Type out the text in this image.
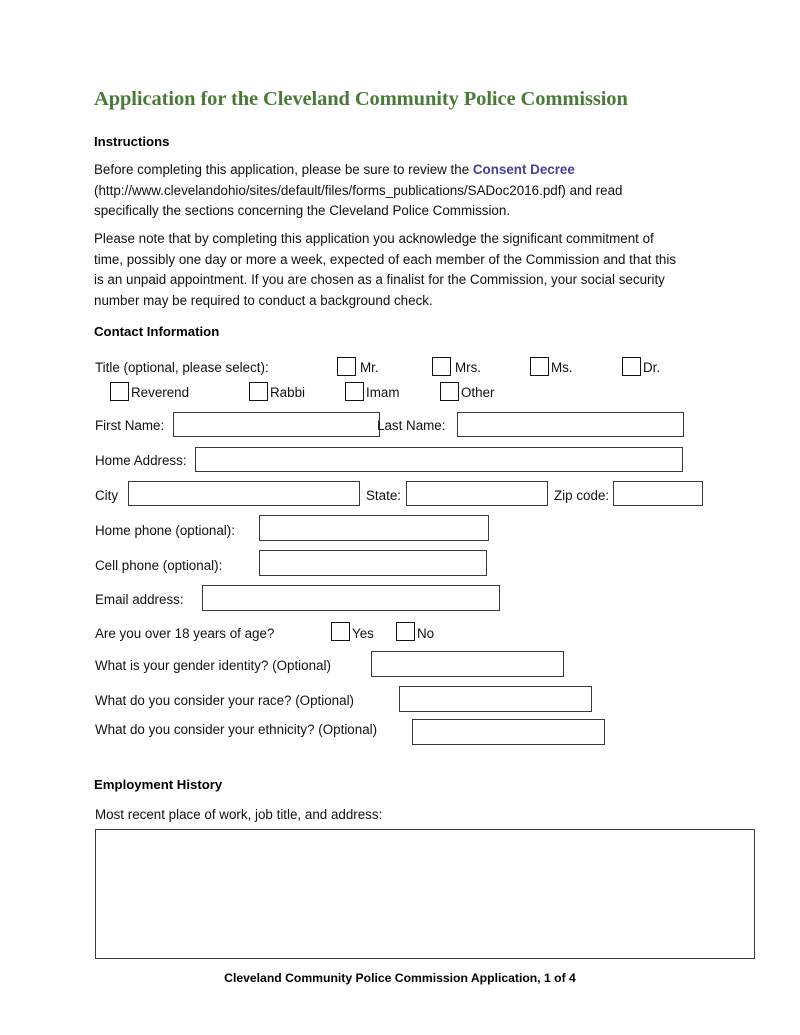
Application for the Cleveland Community Police Commission
Instructions
Before completing this application, please be sure to review the Consent Decree (http://www.clevelandohio/sites/default/files/forms_publications/SADoc2016.pdf) and read specifically the sections concerning the Cleveland Police Commission.
Please note that by completing this application you acknowledge the significant commitment of time, possibly one day or more a week, expected of each member of the Commission and that this is an unpaid appointment. If you are chosen as a finalist for the Commission, your social security number may be required to conduct a background check.
Contact Information
Title (optional, please select):	Mr.	Mrs.	Ms.	Dr.
Reverend	Rabbi	Imam	Other
First Name:	Last Name:
Home Address:
City	State:	Zip code:
Home phone (optional):
Cell phone (optional):
Email address:
Are you over 18 years of age?	Yes	No
What is your gender identity? (Optional)
What do you consider your race? (Optional)
What do you consider your ethnicity? (Optional)
Employment History
Most recent place of work, job title, and address:
Cleveland Community Police Commission Application, 1 of 4
